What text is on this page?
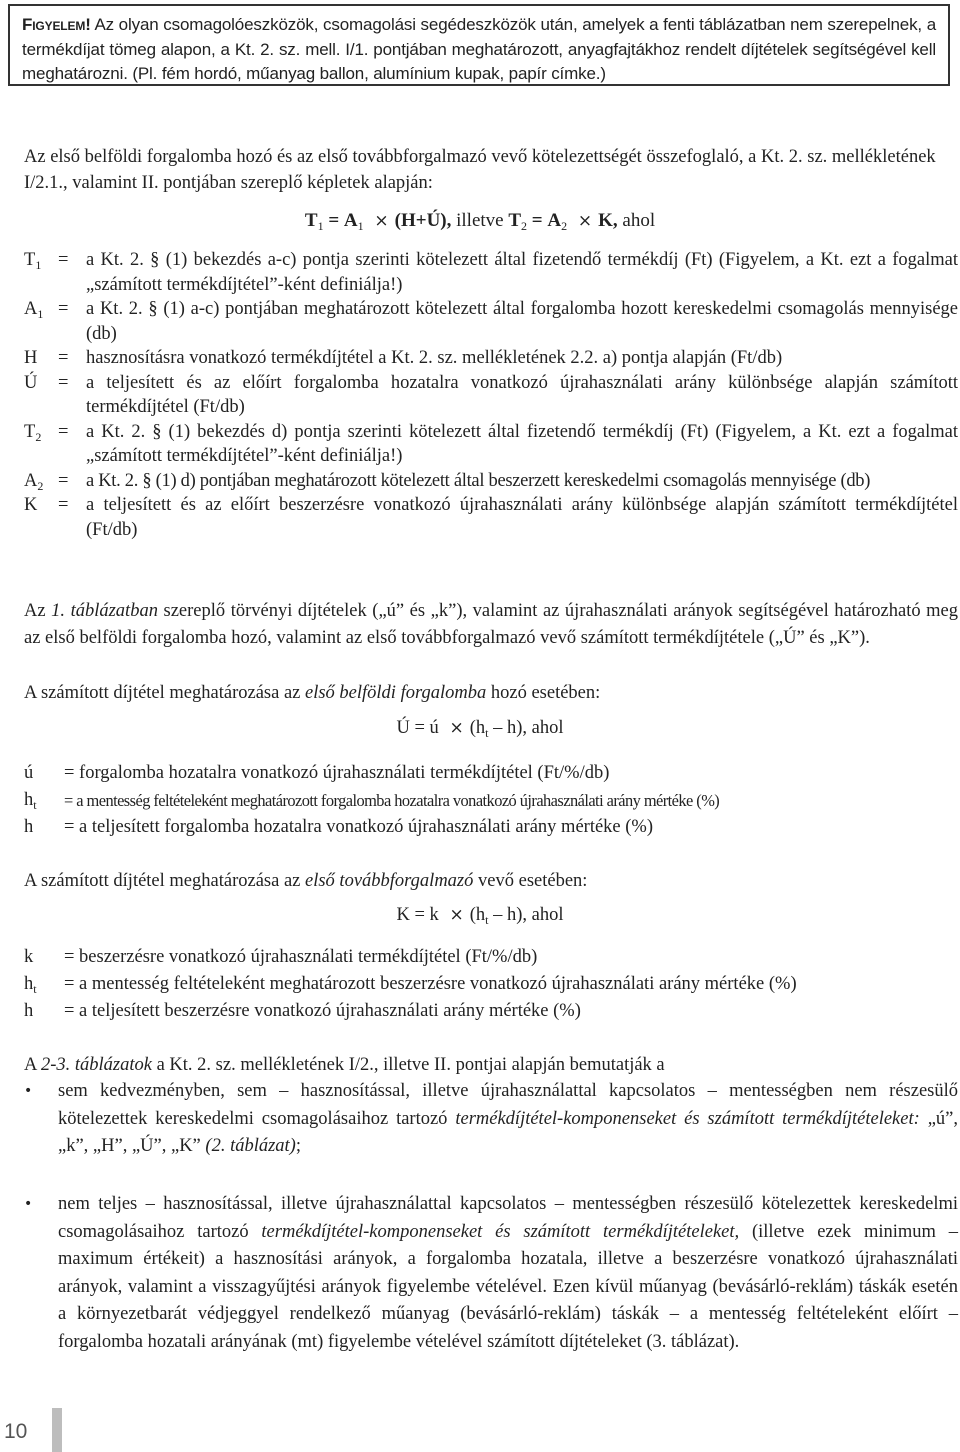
Figyelem! Az olyan csomagolóeszközök, csomagolási segédeszközök után, amelyek a fenti táblázatban nem szerepelnek, a termékdíjat tömeg alapon, a Kt. 2. sz. mell. I/1. pontjában meghatározott, anyagfajtákhoz rendelt díjtételek segítségével kell meghatározni. (Pl. fém hordó, műanyag ballon, alumínium kupak, papír címke.)
Az első belföldi forgalomba hozó és az első továbbforgalmazó vevő kötelezettségét összefoglaló, a Kt. 2. sz. mellékletének I/2.1., valamint II. pontjában szereplő képletek alapján:
$T_1 = A_1$ × (H+Ú), illetve $T_2 = A_2 \times K$, ahol
$T_1 = a$ Kt. 2. § (1) bekezdés a-c) pontja szerinti kötelezett által fizetendő termékdíj (Ft) (Figyelem, a Kt. ezt a fogalmat „számított termékdíjtétel”-ként definiálja!)
$A_1 = a$ Kt. 2. § (1) a-c) pontjában meghatározott kötelezett által forgalomba hozott kereskedelmi csomagolás mennyisége (db)
H	= hasznosításra vonatkozó termékdíjtétel a Kt. 2. sz. mellékletének 2.2. a) pontja alapján (Ft/db)
Ú	= a teljesített és az előírt forgalomba hozatalra vonatkozó újrahasználati arány különbsége alapján számított termékdíjtétel (Ft/db)
$T_2 = a$ Kt. 2. § (1) bekezdés d) pontja szerinti kötelezett által fizetendő termékdíj (Ft) (Figyelem, a Kt. ezt a fogalmat „számított termékdíjtétel”-ként definiálja!)
$A_2 = a$ Kt. 2. § (1) d) pontjában meghatározott kötelezett által beszerzett kereskedelmi csomagolás mennyisége (db)
K	= a teljesített és az előírt beszerzésre vonatkozó újrahasználati arány különbsége alapján számított termékdíjtétel (Ft/db)
Az 1. táblázatban szereplő törvényi díjtételek („ú” és „k”), valamint az újrahasználati arányok segítségével határozható meg az első belföldi forgalomba hozó, valamint az első továbbforgalmazó vevő számított termékdíjtétele („Ú” és „K”).
A számított díjtétel meghatározása az első belföldi forgalomba hozó esetében:
Ú = ú × $(h_t - h)$, ahol
ú	= forgalomba hozatalra vonatkozó újrahasználati termékdíjtétel (Ft/%/db)
$h_t$	= a mentesség feltételeként meghatározott forgalomba hozatalra vonatkozó újrahasználati arány mértéke (%)
h	= a teljesített forgalomba hozatalra vonatkozó újrahasználati arány mértéke (%)
A számított díjtétel meghatározása az első továbbforgalmazó vevő esetében:
$K = k \times (h_t - h)$, ahol
k	= beszerzésre vonatkozó újrahasználati termékdíjtétel (Ft/%/db)
$h_t$	= a mentesség feltételeként meghatározott beszerzésre vonatkozó újrahasználati arány mértéke (%)
h	= a teljesített beszerzésre vonatkozó újrahasználati arány mértéke (%)
A 2-3. táblázatok a Kt. 2. sz. mellékletének I/2., illetve II. pontjai alapján bemutatják a
•	sem kedvezményben, sem – hasznosítással, illetve újrahasználattal kapcsolatos – mentességben nem részesülő kötelezettek kereskedelmi csomagolásaihoz tartozó termékdíjtétel-komponenseket és számított termékdíjtételeket: „ú”, „k”, „H”, „Ú”, „K” (2. táblázat);
•	nem teljes – hasznosítással, illetve újrahasználattal kapcsolatos – mentességben részesülő kötelezettek kereskedelmi csomagolásaihoz tartozó termékdíjtétel-komponenseket és számított termékdíjtételeket, (illetve ezek minimum – maximum értékeit) a hasznosítási arányok, a forgalomba hozatala, illetve a beszerzésre vonatkozó újrahasználati arányok, valamint a visszagyűjtési arányok figyelembe vételével. Ezen kívül műanyag (bevásárló-reklám) táskák esetén a környezetbarát védjeggyel rendelkező műanyag (bevásárló-reklám) táskák – a mentesség feltételeként előírt – forgalomba hozatali arányának (mt) figyelembe vételével számított díjtételeket (3. táblázat).
10
